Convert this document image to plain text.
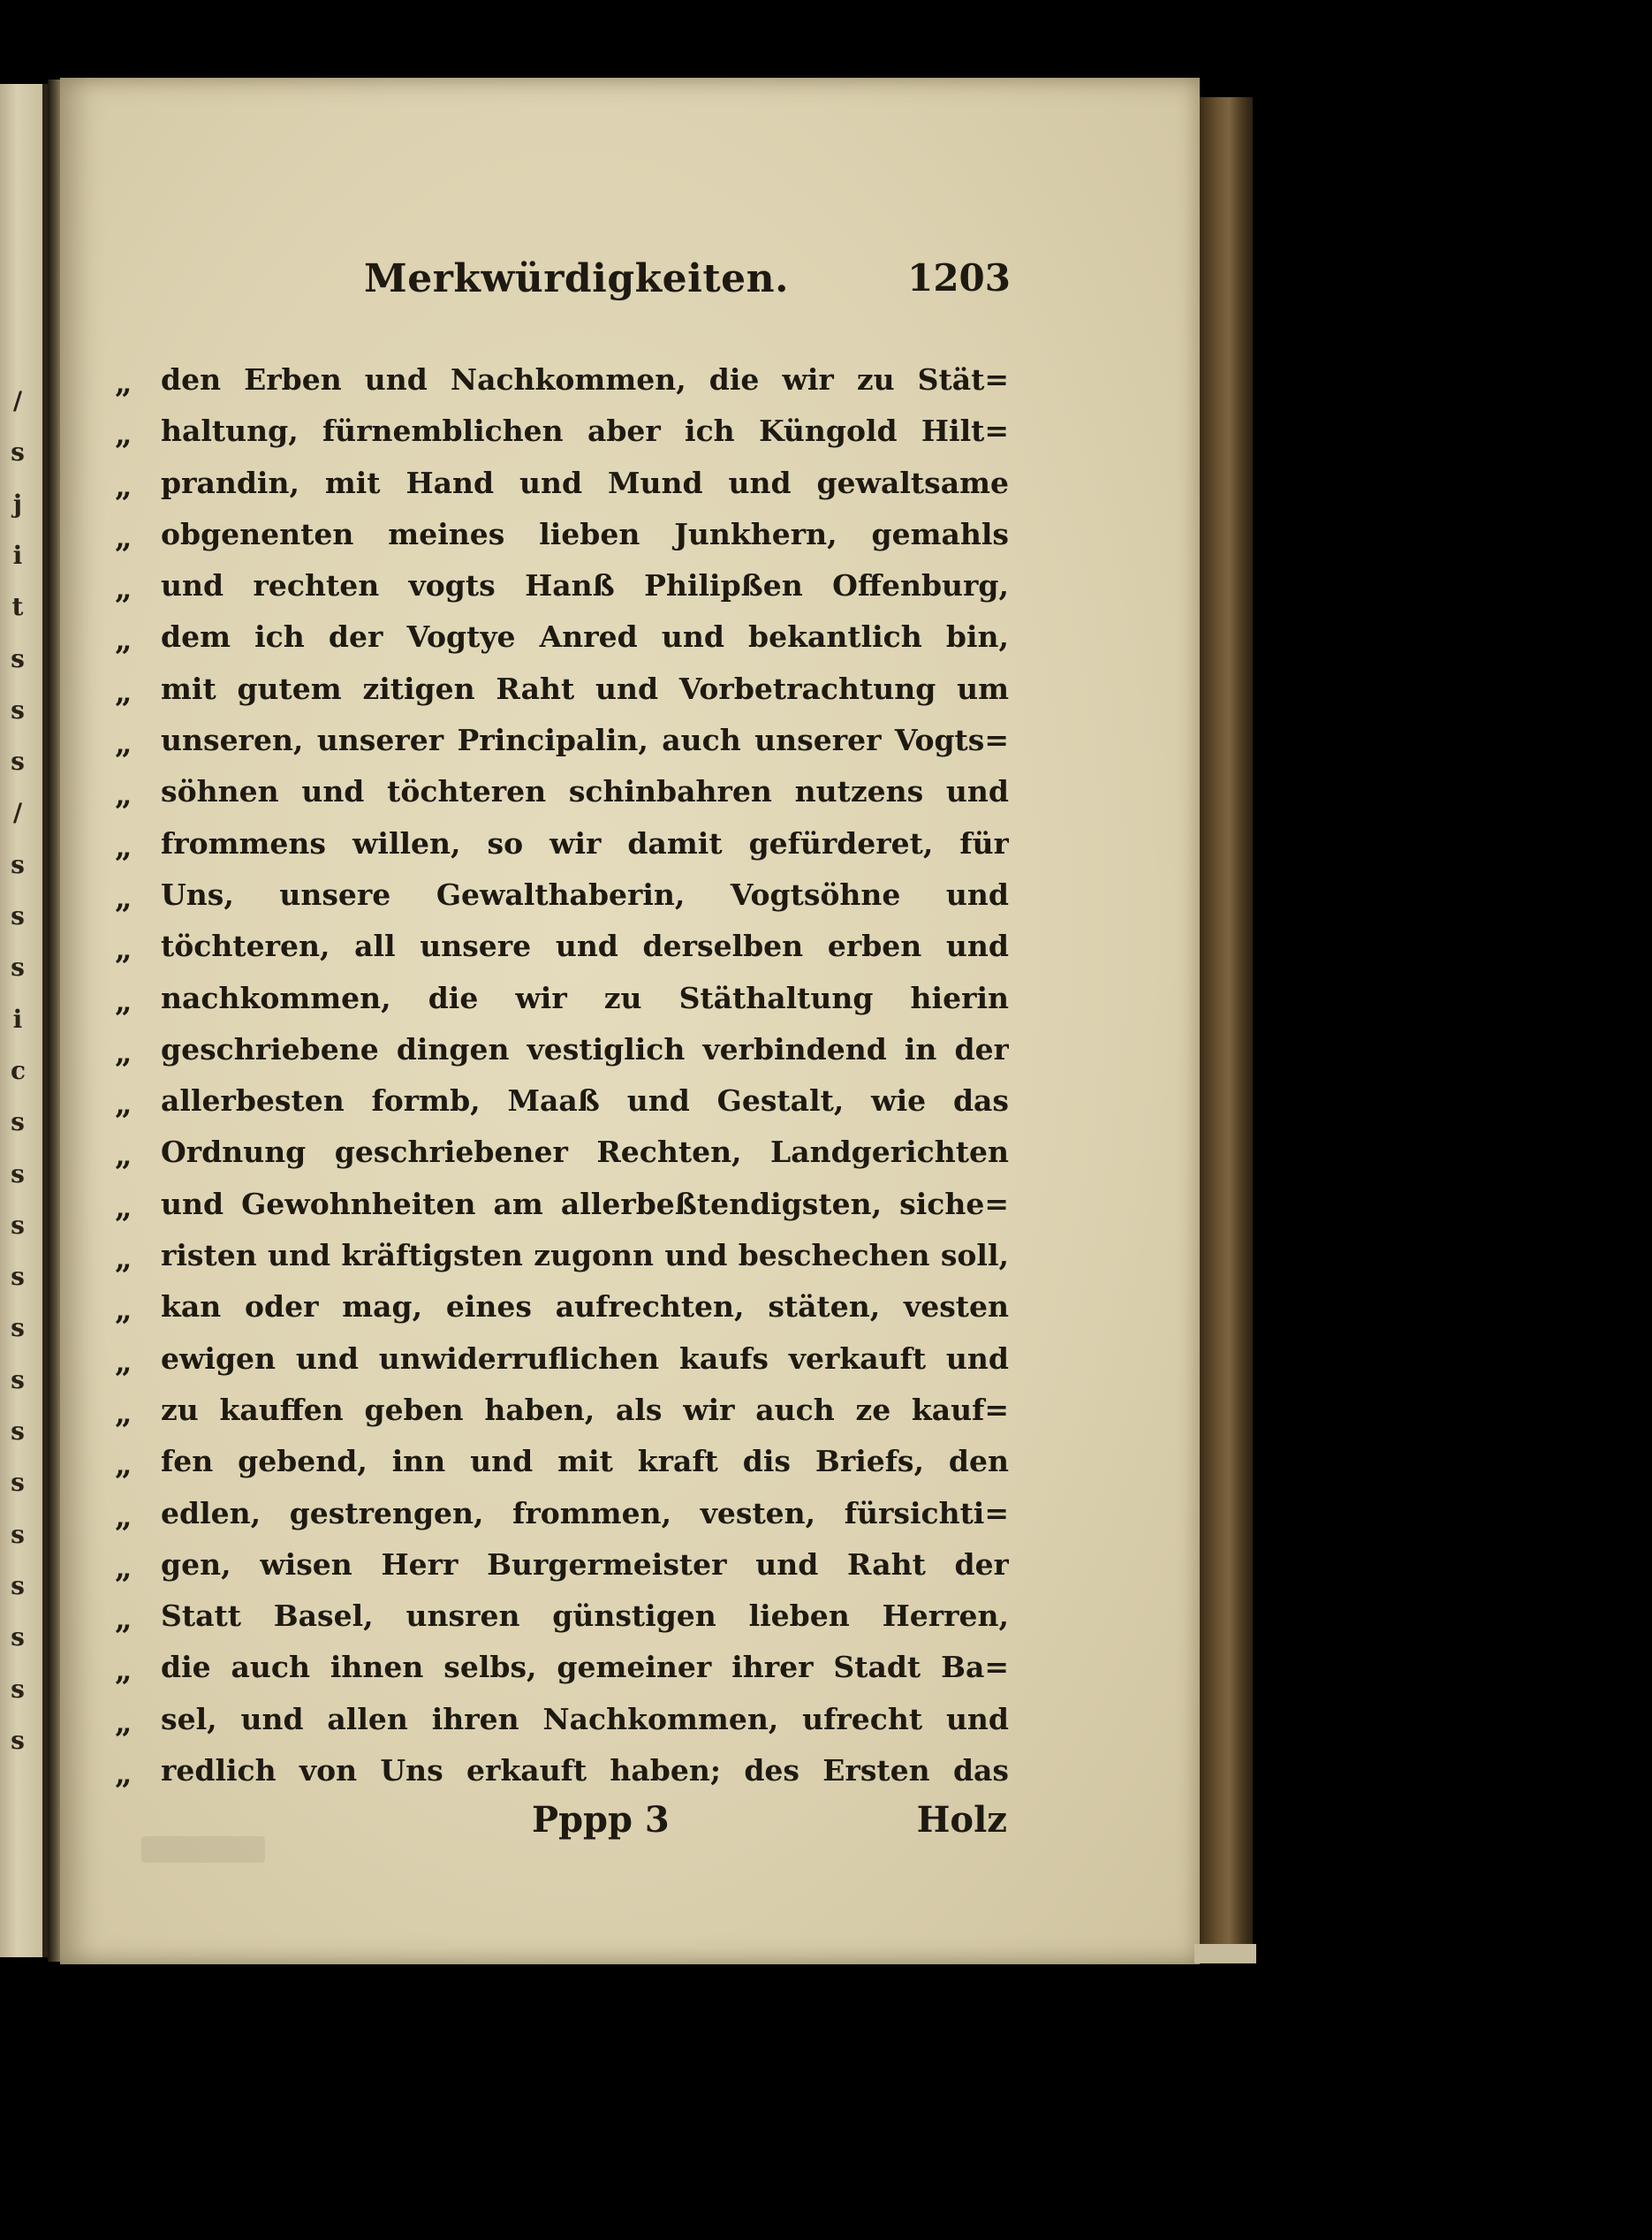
/
s
j
i
t
s
s
s
/
s
s
s
i
c
s
s
s
s
s
s
s
s
s
s
s
s
s
Merkwürdigkeiten.	1203
„ den Erben und Nachkommen, die wir zu Stät=
„ haltung, fürnemblichen aber ich Küngold Hilt=
„ prandin, mit Hand und Mund und gewaltsame
„ obgenenten meines lieben Junkhern, gemahls
„ und rechten vogts Hanß Philipßen Offenburg,
„ dem ich der Vogtye Anred und bekantlich bin,
„ mit gutem zitigen Raht und Vorbetrachtung um
„ unseren, unserer Principalin, auch unserer Vogts=
„ söhnen und töchteren schinbahren nutzens und
„ frommens willen, so wir damit gefürderet, für
„ Uns, unsere Gewalthaberin, Vogtsöhne und
„ töchteren, all unsere und derselben erben und
„ nachkommen, die wir zu Stäthaltung hierin
„ geschriebene dingen vestiglich verbindend in der
„ allerbesten formb, Maaß und Gestalt, wie das
„ Ordnung geschriebener Rechten, Landgerichten
„ und Gewohnheiten am allerbeßtendigsten, siche=
„ risten und kräftigsten zugonn und beschechen soll,
„ kan oder mag, eines aufrechten, stäten, vesten
„ ewigen und unwiderruflichen kaufs verkauft und
„ zu kauffen geben haben, als wir auch ze kauf=
„ fen gebend, inn und mit kraft dis Briefs, den
„ edlen, gestrengen, frommen, vesten, fürsichti=
„ gen, wisen Herr Burgermeister und Raht der
„ Statt Basel, unsren günstigen lieben Herren,
„ die auch ihnen selbs, gemeiner ihrer Stadt Ba=
„ sel, und allen ihren Nachkommen, ufrecht und
„ redlich von Uns erkauft haben; des Ersten das
Pppp 3	Holz
